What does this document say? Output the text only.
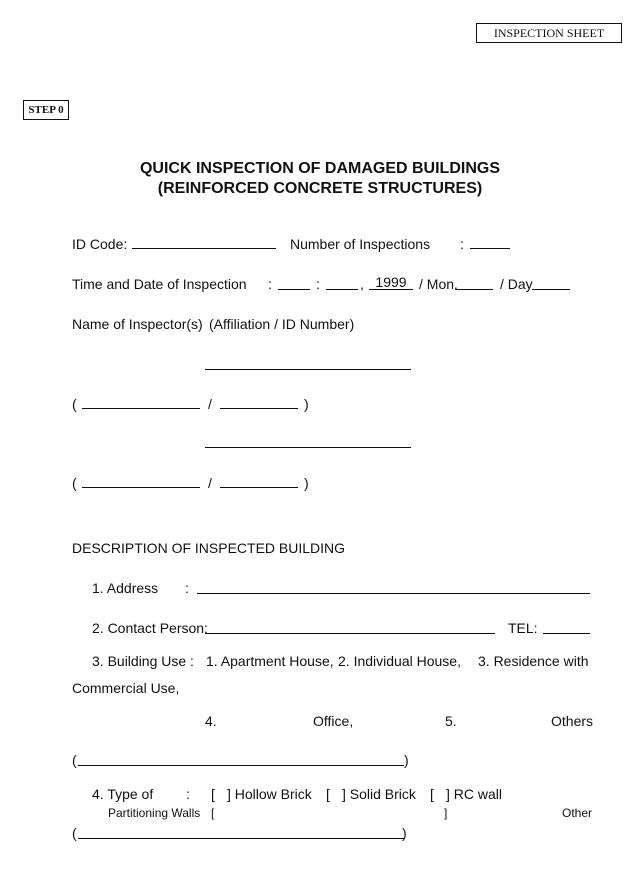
INSPECTION SHEET
STEP 0
QUICK INSPECTION OF DAMAGED BUILDINGS
(REINFORCED CONCRETE STRUCTURES)
ID Code:	Number of Inspections :
Time and Date of Inspection :	:	, 1999 / Mon.	/ Day
Name of Inspector(s) (Affiliation / ID Number)
(	/	)
(	/	)
DESCRIPTION OF INSPECTED BUILDING
1. Address :
2. Contact Person:	TEL:
3. Building Use : 1. Apartment House, 2. Individual House, 3. Residence with
Commercial Use,
4.	Office,	5.	Others
(	)
4. Type of :
Partitioning Walls
[ ] Hollow Brick [ ] Solid Brick [ ] RC wall
[	]	Other
(	)
